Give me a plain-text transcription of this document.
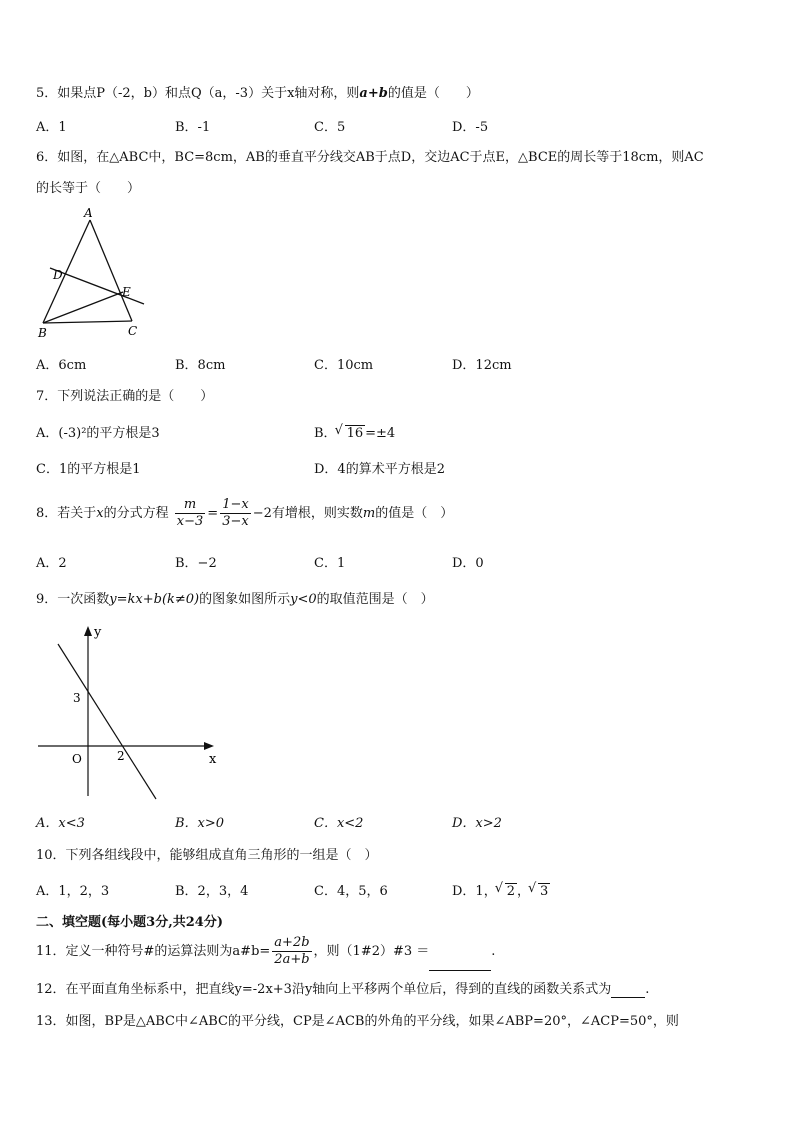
5．如果点P（-2，b）和点Q（a，-3）关于x轴对称，则a+b的值是（　　）
A．1	B．-1	C．5	D．-5
6．如图，在△ABC中，BC=8cm，AB的垂直平分线交AB于点D，交边AC于点E，△BCE的周长等于18cm，则AC
的长等于（　　）
A
B	C
D
E
A．6cm	B．8cm	C．10cm	D．12cm
7．下列说法正确的是（　　）
A．(-3)²的平方根是3	B． √ 16 =±4
C．1的平方根是1	D．4的算术平方根是2
8．若关于x的分式方程 $\frac{m}{x-3} = \frac{1-x}{3-x} -2$有增根，则实数m的值是（　）
A．2	B．−2	C．1	D．0
9．一次函数y=kx+b(k≠0)的图象如图所示y<0的取值范围是（　）
y
x
O
3
2
A．x<3	B．x>0	C．x<2	D．x>2
10．下列各组线段中，能够组成直角三角形的一组是（　）
A．1，2，3	B．2，3，4	C．4，5，6	D．1， √ 2 ， √ 3
二、填空题(每小题3分,共24分)
11．定义一种符号#的运算法则为a#b= $\frac{a+2b}{2a+b}$ ，则（1#2）#3 ＝	.
12．在平面直角坐标系中，把直线y=-2x+3沿y轴向上平移两个单位后，得到的直线的函数关系式为	.
13．如图，BP是△ABC中∠ABC的平分线，CP是∠ACB的外角的平分线，如果∠ABP=20°，∠ACP=50°，则
